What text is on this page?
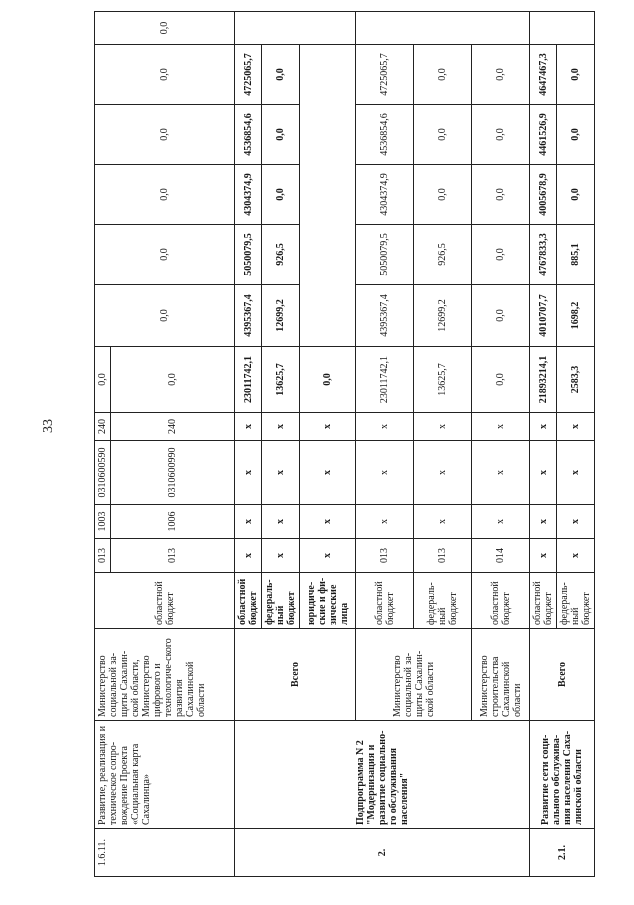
33
1.6.11.	Развитие, реализация и техническое сопро-вождение Проекта «Социальная карта Сахалинца»	Министерство социальной за-щиты Сахалин-ской области, Министерство цифрового и технологиче-ского развития Сахалинской области	областной бюджет	013	1003	0310600590	240	0,0	0,0	0,0	0,0	0,0	0,0	0,0
				013	1006	0310600990	240	0,0						
2.	Подпрограмма N 2 "Модернизация и развитие социально-го обслуживания населения"	Всего	областной бюджет	x	x	x	x	23011742,1	4395367,4	5050079,5	4304374,9	4536854,6	4725065,7	
			федераль-ный бюджет	x	x	x	x	13625,7	12699,2	926,5	0,0	0,0	0,0	
			юридиче-ские и фи-зические лица	x	x	x	x	0,0						
		Министерство социальной за-щиты Сахалин-ской области	областной бюджет	013	x	x	x	23011742,1	4395367,4	5050079,5	4304374,9	4536854,6	4725065,7	
			федераль-ный бюджет	013	x	x	x	13625,7	12699,2	926,5	0,0	0,0	0,0	
		Министерство строительства Сахалинской области	областной бюджет	014	x	x	x	0,0	0,0	0,0	0,0	0,0	0,0	
2.1.	Развитие сети соци-ального обслужива-ния населения Саха-линской области	Всего	областной бюджет	x	x	x	x	21893214,1	4010707,7	4767833,3	4005678,9	4461526,9	4647467,3	
			федераль-ный бюджет	x	x	x	x	2583,3	1698,2	885,1	0,0	0,0	0,0	
